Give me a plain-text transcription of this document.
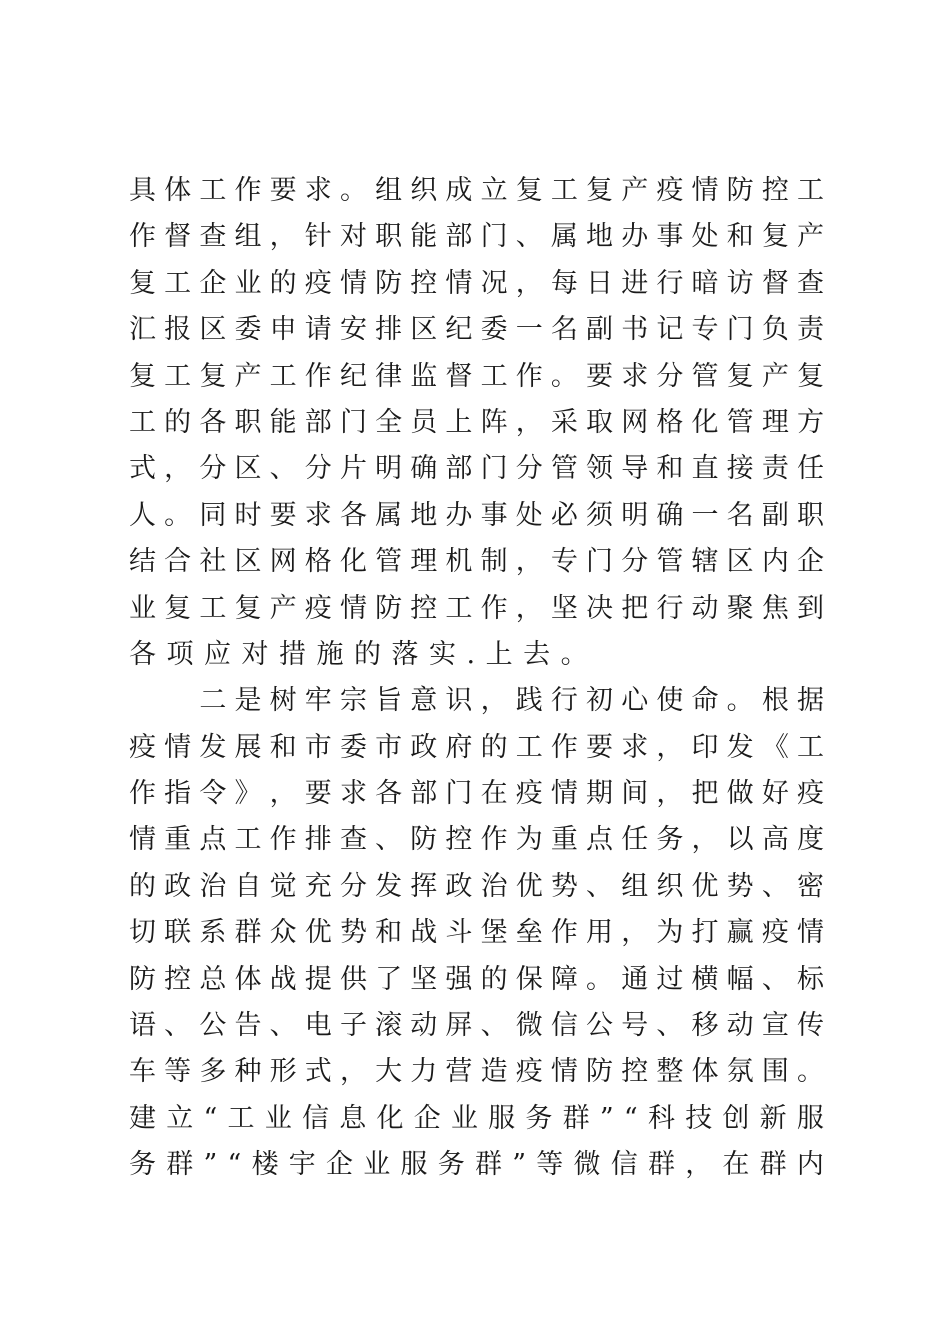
具 体 工 作 要 求 。 组 织 成 立 复 工 复 产 疫 情 防 控 工
作 督 查 组 ， 针 对 职 能 部 门 、 属 地 办 事 处 和 复 产
复 工 企 业 的 疫 情 防 控 情 况 ， 每 日 进 行 暗 访 督 查
汇 报 区 委 申 请 安 排 区 纪 委 一 名 副 书 记 专 门 负 责
复 工 复 产 工 作 纪 律 监 督 工 作 。 要 求 分 管 复 产 复
工 的 各 职 能 部 门 全 员 上 阵 ， 采 取 网 格 化 管 理 方
式 ， 分 区 、 分 片 明 确 部 门 分 管 领 导 和 直 接 责 任
人 。 同 时 要 求 各 属 地 办 事 处 必 须 明 确 一 名 副 职
结 合 社 区 网 格 化 管 理 机 制 ， 专 门 分 管 辖 区 内 企
业 复 工 复 产 疫 情 防 控 工 作 ， 坚 决 把 行 动 聚 焦 到
各项应对措施的落实.上去。

二 是 树 牢 宗 旨 意 识 ， 践 行 初 心 使 命 。 根 据
疫 情 发 展 和 市 委 市 政 府 的 工 作 要 求 ， 印 发 《 工
作 指 令 》 ， 要 求 各 部 门 在 疫 情 期 间 ， 把 做 好 疫
情 重 点 工 作 排 查 、 防 控 作 为 重 点 任 务 ， 以 高 度
的 政 治 自 觉 充 分 发 挥 政 治 优 势 、 组 织 优 势 、 密
切 联 系 群 众 优 势 和 战 斗 堡 垒 作 用 ， 为 打 赢 疫 情
防 控 总 体 战 提 供 了 坚 强 的 保 障 。 通 过 横 幅 、 标
语 、 公 告 、 电 子 滚 动 屏 、 微 信 公 号 、 移 动 宣 传
车 等 多 种 形 式 ， 大 力 营 造 疫 情 防 控 整 体 氛 围 。
建 立 “ 工 业 信 息 化 企 业 服 务 群 ” “ 科 技 创 新 服
务 群 ” “ 楼 宇 企 业 服 务 群 ” 等 微 信 群 ， 在 群 内
